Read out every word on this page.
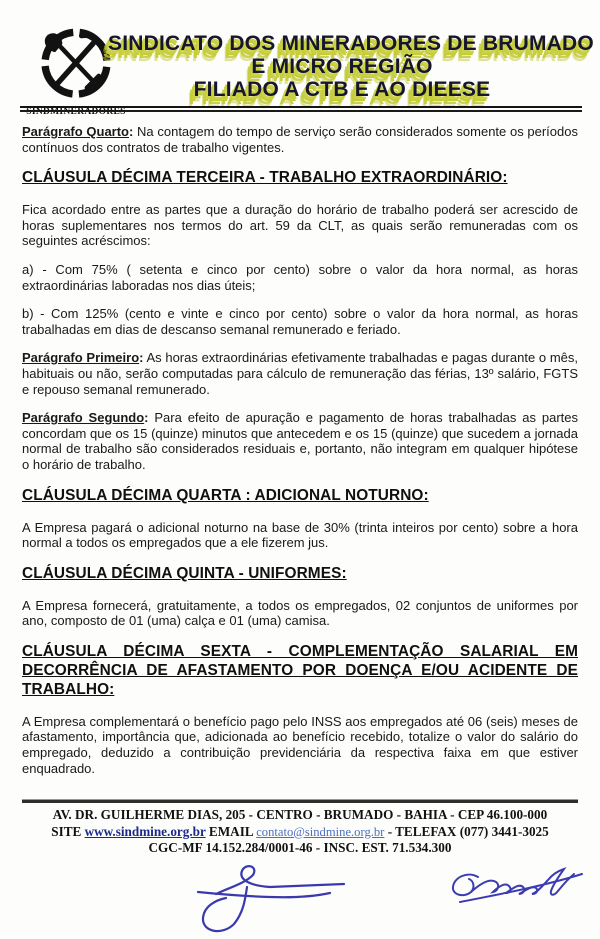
SINDMINERADORES
SINDICATO DOS MINERADORES DE BRUMADO
E MICRO REGIÃO
FILIADO A CTB E AO DIEESE

Parágrafo Quarto: Na contagem do tempo de serviço serão considerados somente os períodos contínuos dos contratos de trabalho vigentes.

CLÁUSULA DÉCIMA TERCEIRA - TRABALHO EXTRAORDINÁRIO:

Fica acordado entre as partes que a duração do horário de trabalho poderá ser acrescido de horas suplementares nos termos do art. 59 da CLT, as quais serão remuneradas com os seguintes acréscimos:

a) - Com 75% ( setenta e cinco por cento) sobre o valor da hora normal, as horas extraordinárias laboradas nos dias úteis;

b) - Com 125% (cento e vinte e cinco por cento) sobre o valor da hora normal, as horas trabalhadas em dias de descanso semanal remunerado e feriado.

Parágrafo Primeiro: As horas extraordinárias efetivamente trabalhadas e pagas durante o mês, habituais ou não, serão computadas para cálculo de remuneração das férias, 13º salário, FGTS e repouso semanal remunerado.

Parágrafo Segundo: Para efeito de apuração e pagamento de horas trabalhadas as partes concordam que os 15 (quinze) minutos que antecedem e os 15 (quinze) que sucedem a jornada normal de trabalho são considerados residuais e, portanto, não integram em qualquer hipótese o horário de trabalho.

CLÁUSULA DÉCIMA QUARTA : ADICIONAL NOTURNO:

A Empresa pagará o adicional noturno na base de 30% (trinta inteiros por cento) sobre a hora normal a todos os empregados que a ele fizerem jus.

CLÁUSULA DÉCIMA QUINTA - UNIFORMES:

A Empresa fornecerá, gratuitamente, a todos os empregados, 02 conjuntos de uniformes por ano, composto de 01 (uma) calça e 01 (uma) camisa.

CLÁUSULA DÉCIMA SEXTA - COMPLEMENTAÇÃO SALARIAL EM DECORRÊNCIA DE AFASTAMENTO POR DOENÇA E/OU ACIDENTE DE TRABALHO:

A Empresa complementará o benefício pago pelo INSS aos empregados até 06 (seis) meses de afastamento, importância que, adicionada ao benefício recebido, totalize o valor do salário do empregado, deduzido a contribuição previdenciária da respectiva faixa em que estiver enquadrado.

AV. DR. GUILHERME DIAS, 205 - CENTRO - BRUMADO - BAHIA - CEP 46.100-000
SITE www.sindmine.org.br EMAIL contato@sindmine.org.br - TELEFAX (077) 3441-3025
CGC-MF 14.152.284/0001-46 - INSC. EST. 71.534.300
